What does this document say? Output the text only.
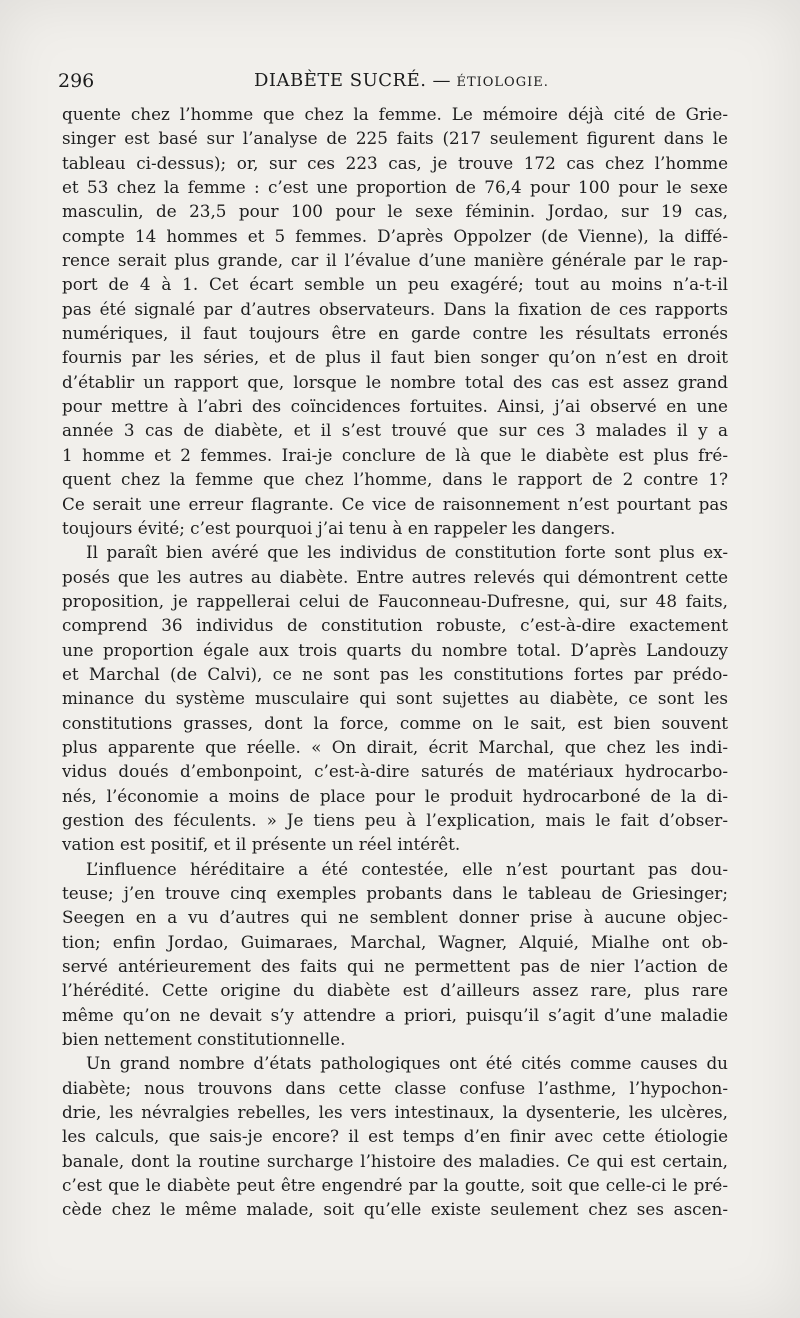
296	DIABÈTE SUCRÉ. — ÉTIOLOGIE.
quente chez l’homme que chez la femme. Le mémoire déjà cité de Grie-
singer est basé sur l’analyse de 225 faits (217 seulement figurent dans le
tableau ci-dessus); or, sur ces 223 cas, je trouve 172 cas chez l’homme
et 53 chez la femme : c’est une proportion de 76,4 pour 100 pour le sexe
masculin, de 23,5 pour 100 pour le sexe féminin. Jordao, sur 19 cas,
compte 14 hommes et 5 femmes. D’après Oppolzer (de Vienne), la diffé-
rence serait plus grande, car il l’évalue d’une manière générale par le rap-
port de 4 à 1. Cet écart semble un peu exagéré; tout au moins n’a-t-il
pas été signalé par d’autres observateurs. Dans la fixation de ces rapports
numériques, il faut toujours être en garde contre les résultats erronés
fournis par les séries, et de plus il faut bien songer qu’on n’est en droit
d’établir un rapport que, lorsque le nombre total des cas est assez grand
pour mettre à l’abri des coïncidences fortuites. Ainsi, j’ai observé en une
année 3 cas de diabète, et il s’est trouvé que sur ces 3 malades il y a
1 homme et 2 femmes. Irai-je conclure de là que le diabète est plus fré-
quent chez la femme que chez l’homme, dans le rapport de 2 contre 1?
Ce serait une erreur flagrante. Ce vice de raisonnement n’est pourtant pas
toujours évité; c’est pourquoi j’ai tenu à en rappeler les dangers.
Il paraît bien avéré que les individus de constitution forte sont plus ex-
posés que les autres au diabète. Entre autres relevés qui démontrent cette
proposition, je rappellerai celui de Fauconneau-Dufresne, qui, sur 48 faits,
comprend 36 individus de constitution robuste, c’est-à-dire exactement
une proportion égale aux trois quarts du nombre total. D’après Landouzy
et Marchal (de Calvi), ce ne sont pas les constitutions fortes par prédo-
minance du système musculaire qui sont sujettes au diabète, ce sont les
constitutions grasses, dont la force, comme on le sait, est bien souvent
plus apparente que réelle. « On dirait, écrit Marchal, que chez les indi-
vidus doués d’embonpoint, c’est-à-dire saturés de matériaux hydrocarbo-
nés, l’économie a moins de place pour le produit hydrocarboné de la di-
gestion des féculents. » Je tiens peu à l’explication, mais le fait d’obser-
vation est positif, et il présente un réel intérêt.
L’influence héréditaire a été contestée, elle n’est pourtant pas dou-
teuse; j’en trouve cinq exemples probants dans le tableau de Griesinger;
Seegen en a vu d’autres qui ne semblent donner prise à aucune objec-
tion; enfin Jordao, Guimaraes, Marchal, Wagner, Alquié, Mialhe ont ob-
servé antérieurement des faits qui ne permettent pas de nier l’action de
l’hérédité. Cette origine du diabète est d’ailleurs assez rare, plus rare
même qu’on ne devait s’y attendre a priori, puisqu’il s’agit d’une maladie
bien nettement constitutionnelle.
Un grand nombre d’états pathologiques ont été cités comme causes du
diabète; nous trouvons dans cette classe confuse l’asthme, l’hypochon-
drie, les névralgies rebelles, les vers intestinaux, la dysenterie, les ulcères,
les calculs, que sais-je encore? il est temps d’en finir avec cette étiologie
banale, dont la routine surcharge l’histoire des maladies. Ce qui est certain,
c’est que le diabète peut être engendré par la goutte, soit que celle-ci le pré-
cède chez le même malade, soit qu’elle existe seulement chez ses ascen-
